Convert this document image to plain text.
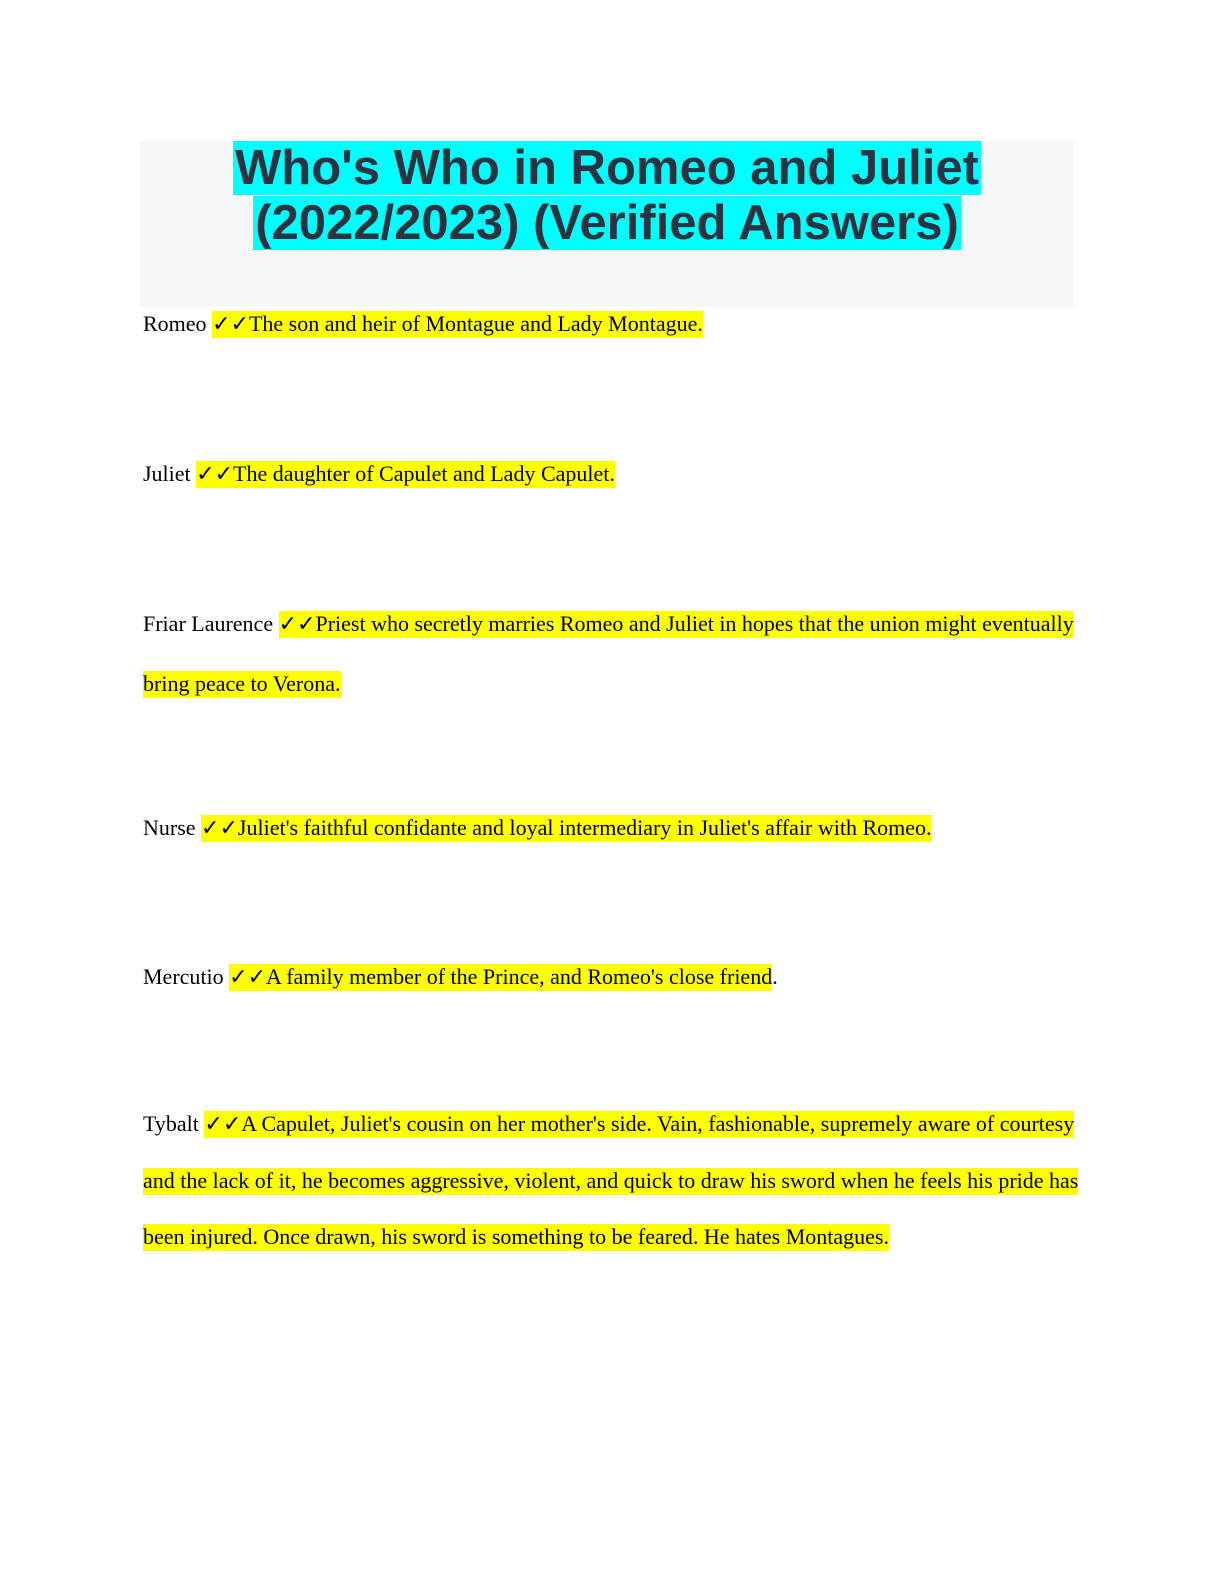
Who's Who in Romeo and Juliet
(2022/2023) (Verified Answers)

Romeo ✓✓The son and heir of Montague and Lady Montague.

Juliet ✓✓The daughter of Capulet and Lady Capulet.

Friar Laurence ✓✓Priest who secretly marries Romeo and Juliet in hopes that the union might eventually bring peace to Verona.

Nurse ✓✓Juliet's faithful confidante and loyal intermediary in Juliet's affair with Romeo.

Mercutio ✓✓A family member of the Prince, and Romeo's close friend.

Tybalt ✓✓A Capulet, Juliet's cousin on her mother's side. Vain, fashionable, supremely aware of courtesy and the lack of it, he becomes aggressive, violent, and quick to draw his sword when he feels his pride has been injured. Once drawn, his sword is something to be feared. He hates Montagues.
